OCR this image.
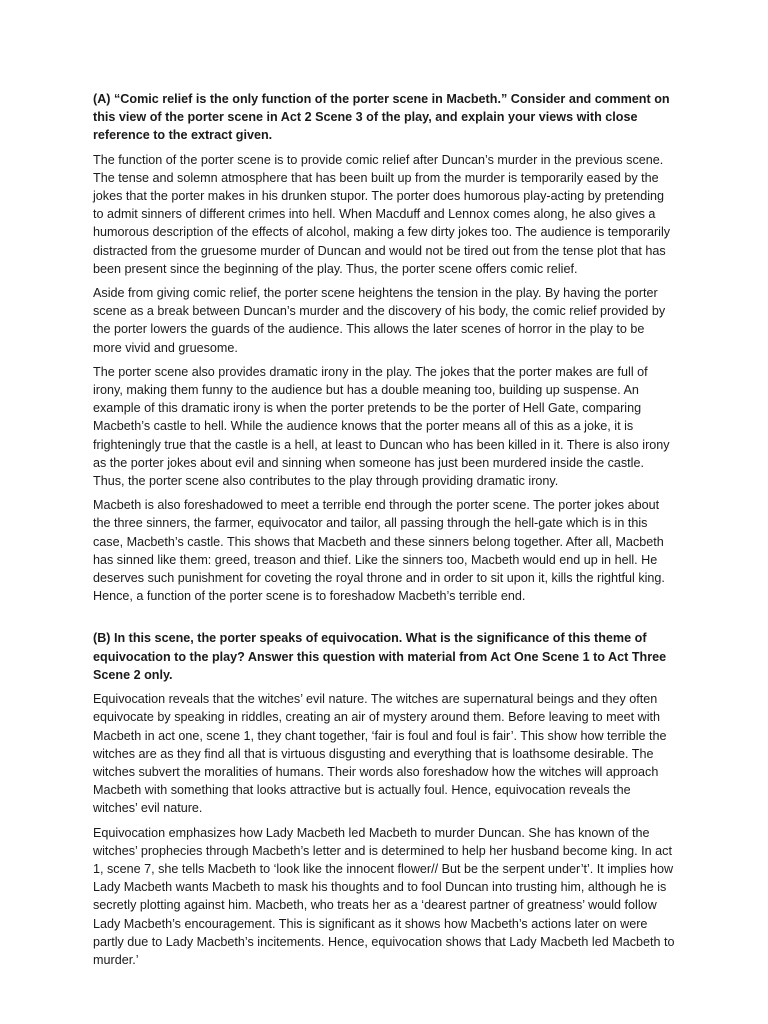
(A) “Comic relief is the only function of the porter scene in Macbeth.” Consider and comment on this view of the porter scene in Act 2 Scene 3 of the play, and explain your views with close reference to the extract given.

The function of the porter scene is to provide comic relief after Duncan’s murder in the previous scene. The tense and solemn atmosphere that has been built up from the murder is temporarily eased by the jokes that the porter makes in his drunken stupor. The porter does humorous play-acting by pretending to admit sinners of different crimes into hell. When Macduff and Lennox comes along, he also gives a humorous description of the effects of alcohol, making a few dirty jokes too. The audience is temporarily distracted from the gruesome murder of Duncan and would not be tired out from the tense plot that has been present since the beginning of the play. Thus, the porter scene offers comic relief.

Aside from giving comic relief, the porter scene heightens the tension in the play. By having the porter scene as a break between Duncan’s murder and the discovery of his body, the comic relief provided by the porter lowers the guards of the audience. This allows the later scenes of horror in the play to be more vivid and gruesome.

The porter scene also provides dramatic irony in the play. The jokes that the porter makes are full of irony, making them funny to the audience but has a double meaning too, building up suspense. An example of this dramatic irony is when the porter pretends to be the porter of Hell Gate, comparing Macbeth’s castle to hell. While the audience knows that the porter means all of this as a joke, it is frighteningly true that the castle is a hell, at least to Duncan who has been killed in it. There is also irony as the porter jokes about evil and sinning when someone has just been murdered inside the castle. Thus, the porter scene also contributes to the play through providing dramatic irony.

Macbeth is also foreshadowed to meet a terrible end through the porter scene. The porter jokes about the three sinners, the farmer, equivocator and tailor, all passing through the hell-gate which is in this case, Macbeth’s castle. This shows that Macbeth and these sinners belong together. After all, Macbeth has sinned like them: greed, treason and thief. Like the sinners too, Macbeth would end up in hell. He deserves such punishment for coveting the royal throne and in order to sit upon it, kills the rightful king. Hence, a function of the porter scene is to foreshadow Macbeth’s terrible end.

(B) In this scene, the porter speaks of equivocation. What is the significance of this theme of equivocation to the play? Answer this question with material from Act One Scene 1 to Act Three Scene 2 only.

Equivocation reveals that the witches’ evil nature. The witches are supernatural beings and they often equivocate by speaking in riddles, creating an air of mystery around them. Before leaving to meet with Macbeth in act one, scene 1, they chant together, ‘fair is foul and foul is fair’. This show how terrible the witches are as they find all that is virtuous disgusting and everything that is loathsome desirable. The witches subvert the moralities of humans. Their words also foreshadow how the witches will approach Macbeth with something that looks attractive but is actually foul. Hence, equivocation reveals the witches’ evil nature.

Equivocation emphasizes how Lady Macbeth led Macbeth to murder Duncan. She has known of the witches’ prophecies through Macbeth’s letter and is determined to help her husband become king. In act 1, scene 7, she tells Macbeth to ‘look like the innocent flower// But be the serpent under’t’. It implies how Lady Macbeth wants Macbeth to mask his thoughts and to fool Duncan into trusting him, although he is secretly plotting against him. Macbeth, who treats her as a ‘dearest partner of greatness’ would follow Lady Macbeth’s encouragement. This is significant as it shows how Macbeth’s actions later on were partly due to Lady Macbeth’s incitements. Hence, equivocation shows that Lady Macbeth led Macbeth to murder.’
